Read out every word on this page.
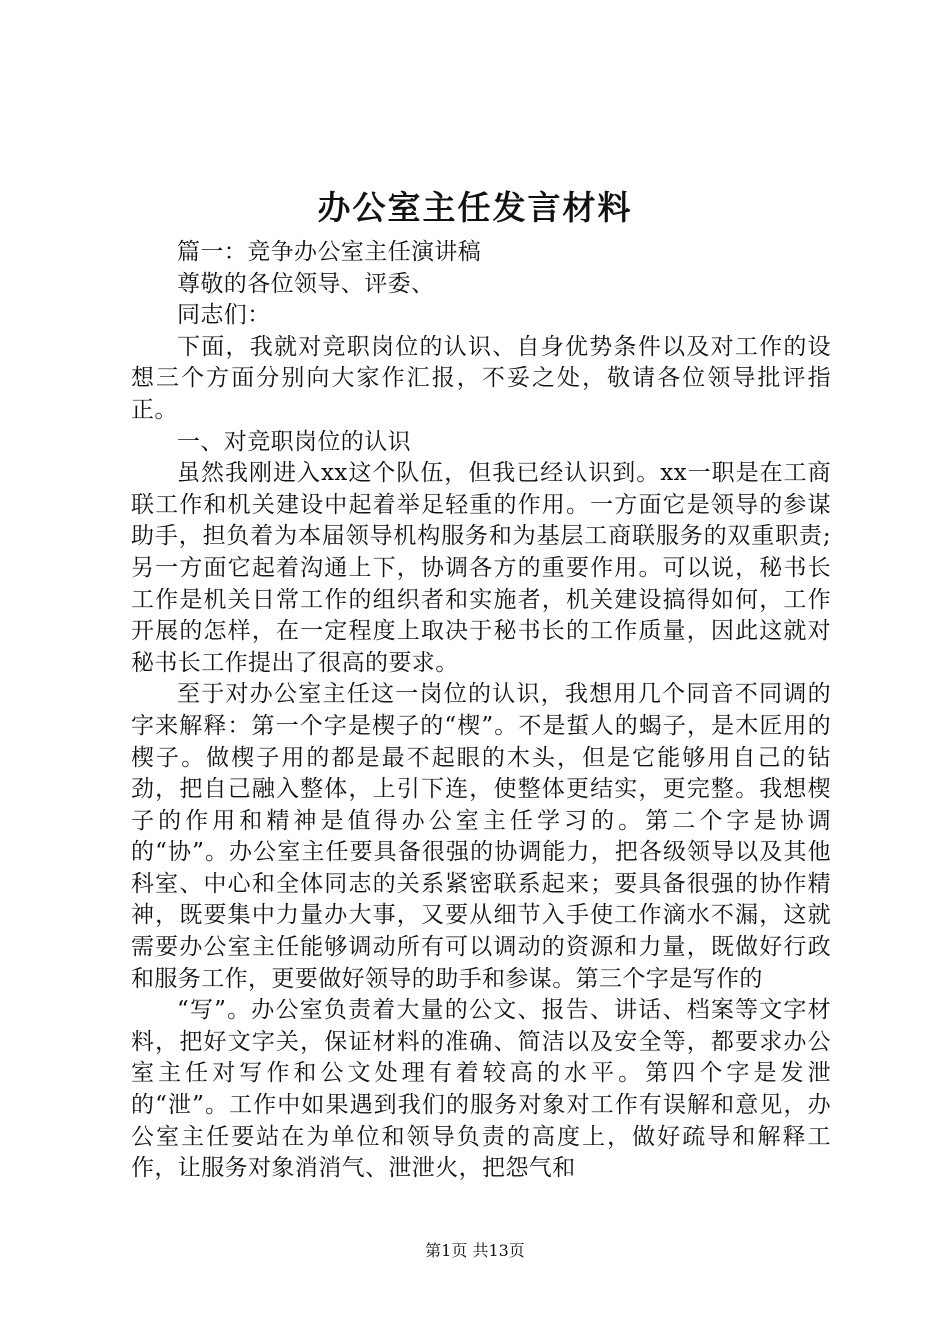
办公室主任发言材料

篇一：竞争办公室主任演讲稿

尊敬的各位领导、评委、

同志们：

下面，我就对竞职岗位的认识、自身优势条件以及对工作的设想三个方面分别向大家作汇报，不妥之处，敬请各位领导批评指正。

一、对竞职岗位的认识

虽然我刚进入xx这个队伍，但我已经认识到。xx一职是在工商联工作和机关建设中起着举足轻重的作用。一方面它是领导的参谋助手，担负着为本届领导机构服务和为基层工商联服务的双重职责;另一方面它起着沟通上下，协调各方的重要作用。可以说，秘书长工作是机关日常工作的组织者和实施者，机关建设搞得如何，工作开展的怎样，在一定程度上取决于秘书长的工作质量，因此这就对秘书长工作提出了很高的要求。

至于对办公室主任这一岗位的认识，我想用几个同音不同调的字来解释：第一个字是楔子的“楔”。不是蜇人的蝎子，是木匠用的楔子。做楔子用的都是最不起眼的木头，但是它能够用自己的钻劲，把自己融入整体，上引下连，使整体更结实，更完整。我想楔子的作用和精神是值得办公室主任学习的。第二个字是协调的“协”。办公室主任要具备很强的协调能力，把各级领导以及其他科室、中心和全体同志的关系紧密联系起来；要具备很强的协作精神，既要集中力量办大事，又要从细节入手使工作滴水不漏，这就需要办公室主任能够调动所有可以调动的资源和力量，既做好行政和服务工作，更要做好领导的助手和参谋。第三个字是写作的

“写”。办公室负责着大量的公文、报告、讲话、档案等文字材料，把好文字关，保证材料的准确、简洁以及安全等，都要求办公室主任对写作和公文处理有着较高的水平。第四个字是发泄的“泄”。工作中如果遇到我们的服务对象对工作有误解和意见，办公室主任要站在为单位和领导负责的高度上，做好疏导和解释工作，让服务对象消消气、泄泄火，把怨气和

第1页 共13页
